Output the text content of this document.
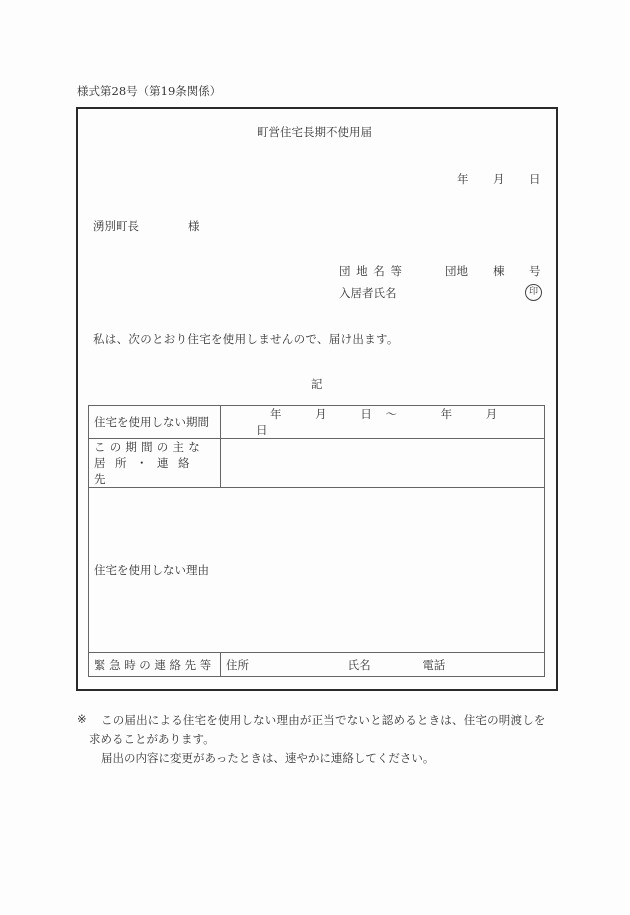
様式第28号（第19条関係）
町営住宅長期不使用届
年 月 日
湧別町長	様
団 地 名 等	団地 棟 号
入居者氏名	印
私は、次のとおり住宅を使用しませんので、届け出ます。
記
住宅を使用しない期間	年 月 日 〜 年 月 日

この期間の主な
居所・連絡先	

住宅を使用しない理由	
緊急時の連絡先等	住所 氏名 電話
※ この届出による住宅を使用しない理由が正当でないと認めるときは、住宅の明渡しを
求めることがあります。
届出の内容に変更があったときは、速やかに連絡してください。
